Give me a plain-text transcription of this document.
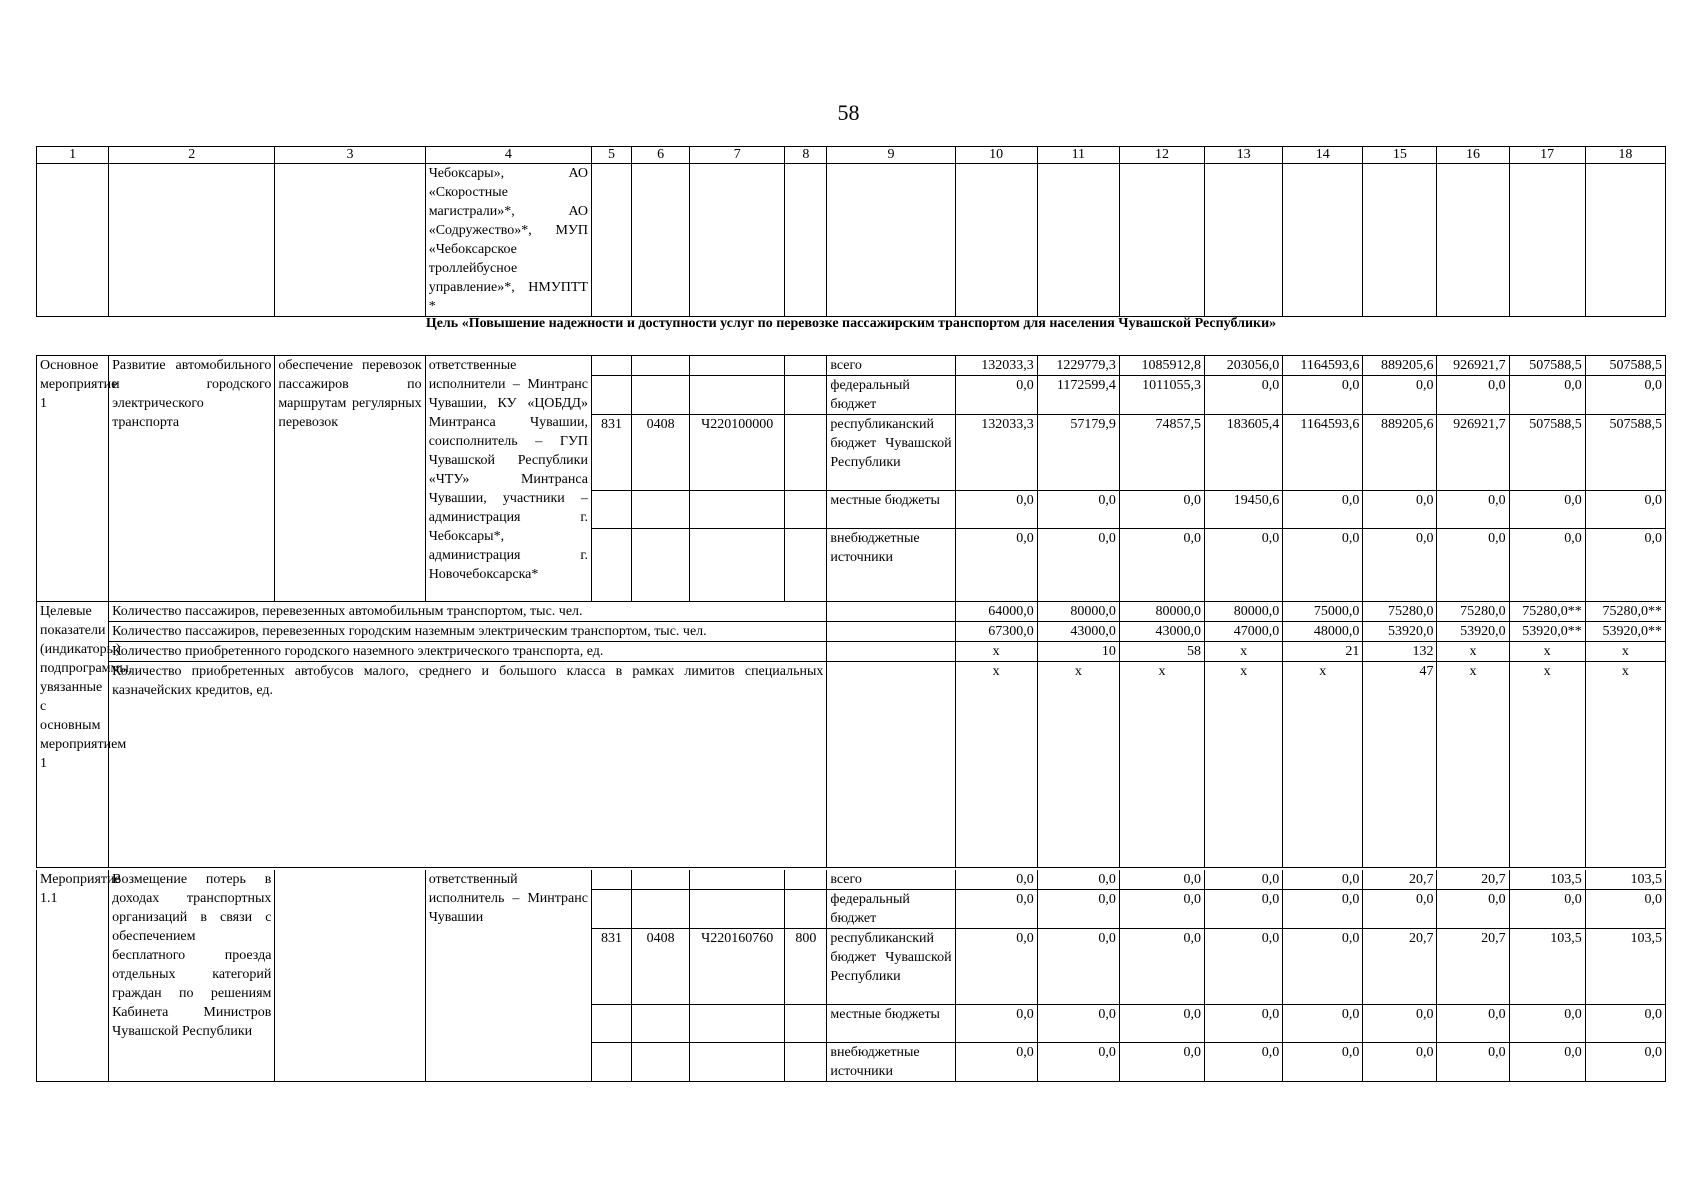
58
1	2	3	4	5	6	7	8	9	10	11	12	13	14	15	16	17	18
			Чебоксары», АО «Скоростные магистрали»*, АО «Содружество»*, МУП «Чебоксарское троллейбусное управление»*, НМУПТТ *														
Цель «Повышение надежности и доступности услуг по перевозке пассажирским транспортом для населения Чувашской Республики»
Основное мероприятие 1	Развитие автомобильного и городского электрического транспорта	обеспечение перевозок пассажиров по маршрутам регулярных перевозок	ответственные исполнители – Минтранс Чувашии, КУ «ЦОБДД» Минтранса Чувашии, соисполнитель – ГУП Чувашской Республики «ЧТУ» Минтранса Чувашии, участники – администрация г. Чебоксары*, администрация г. Новочебоксарска*					всего	132033,3	1229779,3	1085912,8	203056,0	1164593,6	889205,6	926921,7	507588,5	507588,5
								федеральный бюджет	0,0	1172599,4	1011055,3	0,0	0,0	0,0	0,0	0,0	0,0
				831	0408	Ч220100000		республиканский бюджет Чувашской Республики	132033,3	57179,9	74857,5	183605,4	1164593,6	889205,6	926921,7	507588,5	507588,5
								местные бюджеты	0,0	0,0	0,0	19450,6	0,0	0,0	0,0	0,0	0,0
								внебюджетные источники	0,0	0,0	0,0	0,0	0,0	0,0	0,0	0,0	0,0
Целевые показатели (индикаторы) подпрограммы, увязанные с основным мероприятием 1	Количество пассажиров, перевезенных автомобильным транспортом, тыс. чел.								64000,0	80000,0	80000,0	80000,0	75000,0	75280,0	75280,0	75280,0**	75280,0**
	Количество пассажиров, перевезенных городским наземным электрическим транспортом, тыс. чел.								67300,0	43000,0	43000,0	47000,0	48000,0	53920,0	53920,0	53920,0**	53920,0**
	Количество приобретенного городского наземного электрического транспорта, ед.								х	10	58	х	21	132	х	х	х
	Количество приобретенных автобусов малого, среднего и большого класса в рамках лимитов специальных казначейских кредитов, ед.								х	х	х	х	х	47	х	х	х
Мероприятие 1.1	Возмещение потерь в доходах транспортных организаций в связи с обеспечением бесплатного проезда отдельных категорий граждан по решениям Кабинета Министров Чувашской Республики		ответственный исполнитель – Минтранс Чувашии					всего	0,0	0,0	0,0	0,0	0,0	20,7	20,7	103,5	103,5
								федеральный бюджет	0,0	0,0	0,0	0,0	0,0	0,0	0,0	0,0	0,0
				831	0408	Ч220160760	800	республиканский бюджет Чувашской Республики	0,0	0,0	0,0	0,0	0,0	20,7	20,7	103,5	103,5
								местные бюджеты	0,0	0,0	0,0	0,0	0,0	0,0	0,0	0,0	0,0
								внебюджетные источники	0,0	0,0	0,0	0,0	0,0	0,0	0,0	0,0	0,0
